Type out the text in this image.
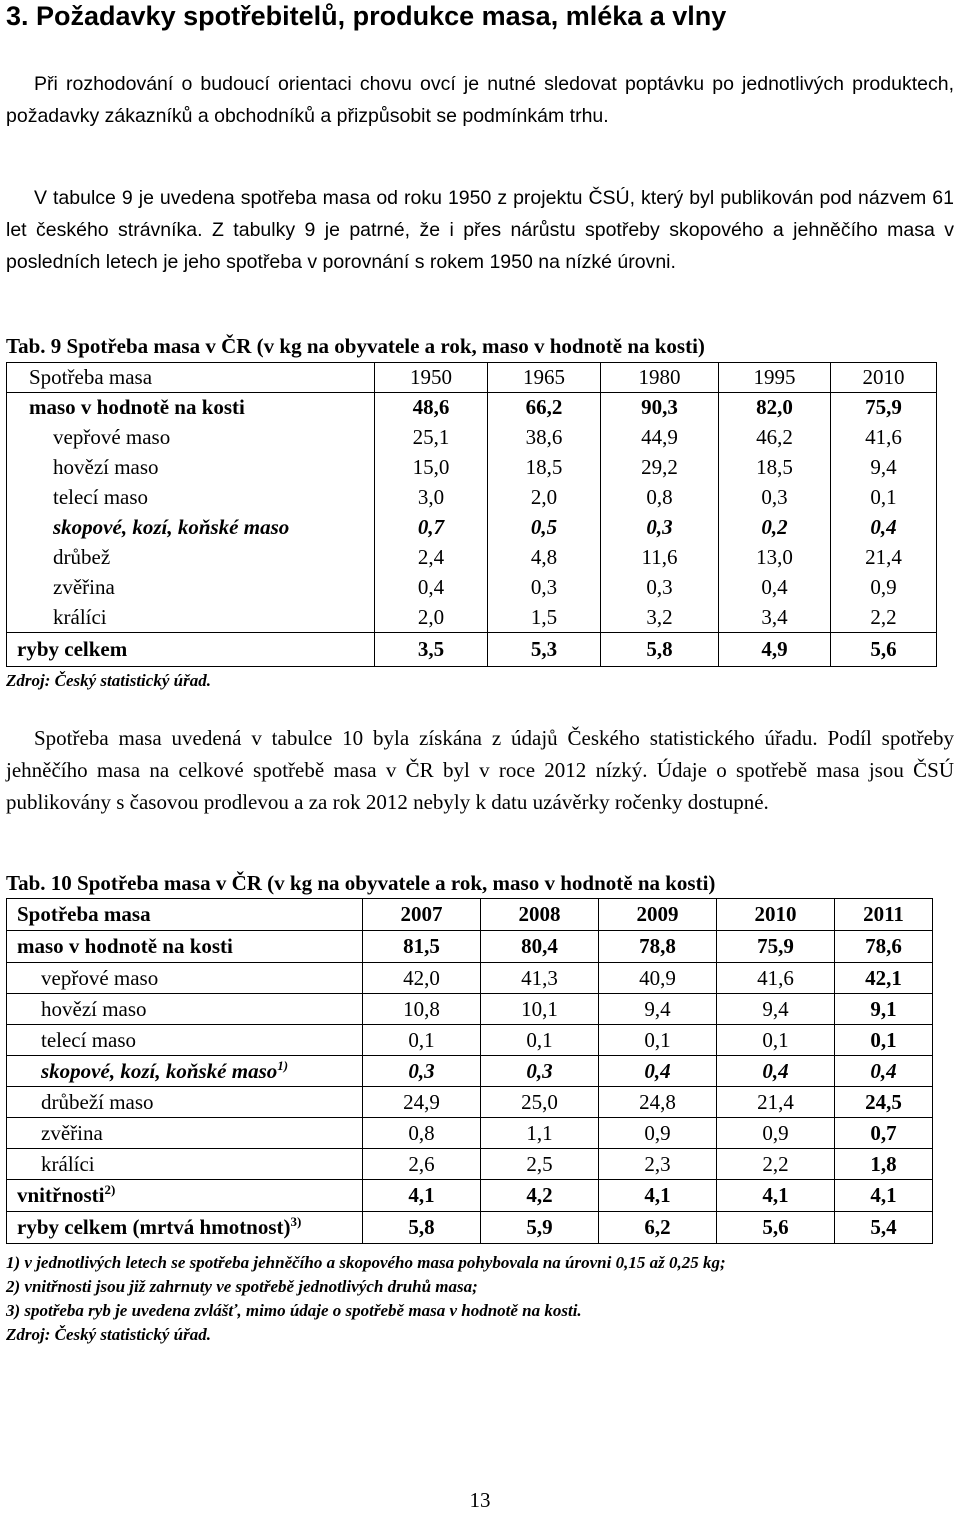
3. Požadavky spotřebitelů, produkce masa, mléka a vlny

Při rozhodování o budoucí orientaci chovu ovcí je nutné sledovat poptávku po jednotlivých produktech, požadavky zákazníků a obchodníků a přizpůsobit se podmínkám trhu.

V tabulce 9 je uvedena spotřeba masa od roku 1950 z projektu ČSÚ, který byl publikován pod názvem 61 let českého strávníka. Z tabulky 9 je patrné, že i přes nárůstu spotřeby skopového a jehněčího masa v posledních letech je jeho spotřeba v porovnání s rokem 1950 na nízké úrovni.

Tab. 9 Spotřeba masa v ČR (v kg na obyvatele a rok, maso v hodnotě na kosti)

Spotřeba masa	1950	1965	1980	1995	2010
maso v hodnotě na kosti	48,6	66,2	90,3	82,0	75,9
vepřové maso	25,1	38,6	44,9	46,2	41,6
hovězí maso	15,0	18,5	29,2	18,5	9,4
telecí maso	3,0	2,0	0,8	0,3	0,1
skopové, kozí, koňské maso	0,7	0,5	0,3	0,2	0,4
drůbež	2,4	4,8	11,6	13,0	21,4
zvěřina	0,4	0,3	0,3	0,4	0,9
králíci	2,0	1,5	3,2	3,4	2,2
ryby celkem	3,5	5,3	5,8	4,9	5,6

Zdroj: Český statistický úřad.

Spotřeba masa uvedená v tabulce 10 byla získána z údajů Českého statistického úřadu. Podíl spotřeby jehněčího masa na celkové spotřebě masa v ČR byl v roce 2012 nízký. Údaje o spotřebě masa jsou ČSÚ publikovány s časovou prodlevou a za rok 2012 nebyly k datu uzávěrky ročenky dostupné.

Tab. 10 Spotřeba masa v ČR (v kg na obyvatele a rok, maso v hodnotě na kosti)

Spotřeba masa	2007	2008	2009	2010	2011
maso v hodnotě na kosti	81,5	80,4	78,8	75,9	78,6
vepřové maso	42,0	41,3	40,9	41,6	42,1
hovězí maso	10,8	10,1	9,4	9,4	9,1
telecí maso	0,1	0,1	0,1	0,1	0,1
skopové, kozí, koňské maso$^{1)}$	0,3	0,3	0,4	0,4	0,4
drůbeží maso	24,9	25,0	24,8	21,4	24,5
zvěřina	0,8	1,1	0,9	0,9	0,7
králíci	2,6	2,5	2,3	2,2	1,8
vnitřnosti$^{2)}$	4,1	4,2	4,1	4,1	4,1
ryby celkem (mrtvá hmotnost)$^{3)}$	5,8	5,9	6,2	5,6	5,4

1) v jednotlivých letech se spotřeba jehněčího a skopového masa pohybovala na úrovni 0,15 až 0,25 kg;

2) vnitřnosti jsou již zahrnuty ve spotřebě jednotlivých druhů masa;

3) spotřeba ryb je uvedena zvlášť, mimo údaje o spotřebě masa v hodnotě na kosti.

Zdroj: Český statistický úřad.

13
